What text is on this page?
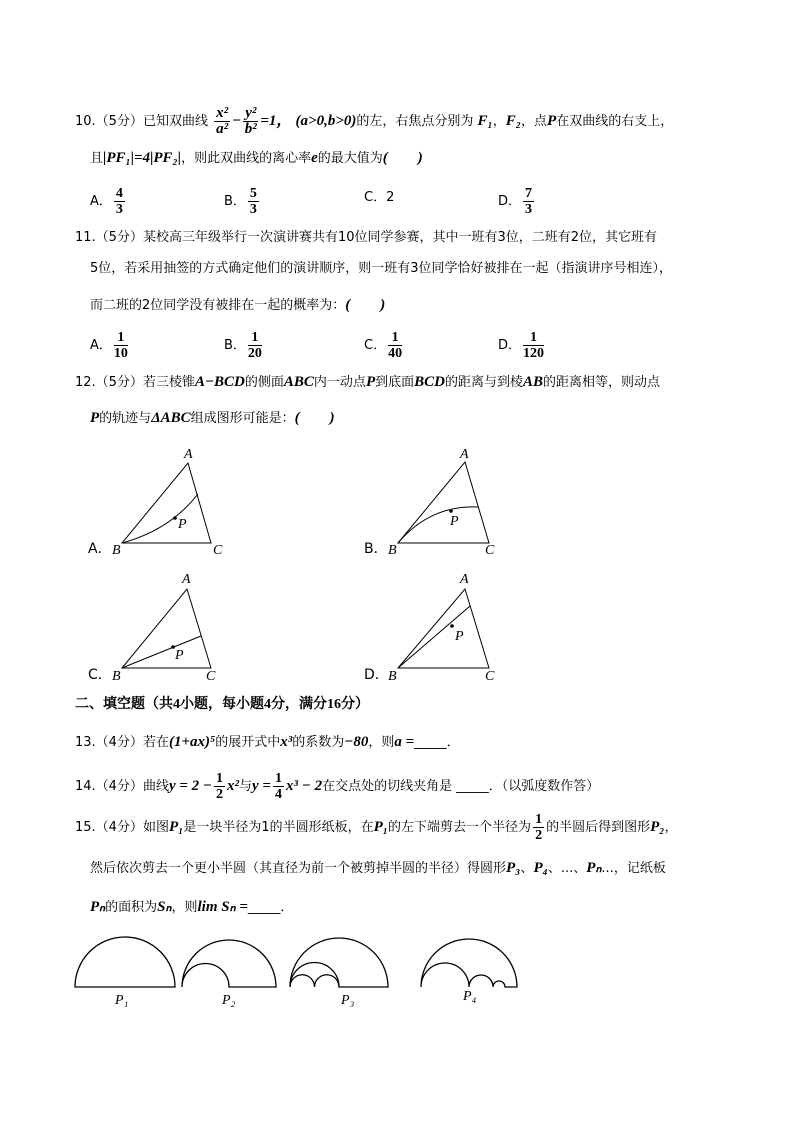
10.（5分）已知双曲线 $\frac{\text{x²}}{\text{a²}} - \frac{\text{y²}}{\text{b²}} =1$， (a>0,b>0)的左，右焦点分别为 F₁，F₂，点P在双曲线的右支上，
且|PF₁|=4|PF₂|，则此双曲线的离心率e的最大值为(　　)
A． $\frac{4}{3}$	B． $\frac{5}{3}$	C．2	D． $\frac{7}{3}$
11.（5分）某校高三年级举行一次演讲赛共有10位同学参赛，其中一班有3位，二班有2位，其它班有
5位，若采用抽签的方式确定他们的演讲顺序，则一班有3位同学恰好被排在一起（指演讲序号相连），
而二班的2位同学没有被排在一起的概率为：(　　)
A． $\frac{1}{10}$	B． $\frac{1}{20}$	C． $\frac{1}{40}$	D． $\frac{1}{120}$
12.（5分）若三棱锥A−BCD的侧面ABC内一动点P到底面BCD的距离与到棱AB的距离相等，则动点
P的轨迹与ΔABC组成图形可能是：(　　)
A．
A
B	C
P
B．
A
B	C
P
C．
A
B	C
P
D．
A
B	C
P
P₁	P₂	P₃	P₄
二、填空题（共4小题，每小题4分，满分16分）
13.（4分）若在(1+ax)⁵的展开式中x³的系数为−80，则a =_____．
14.（4分）曲线$y = 2 - \frac{1}{2} x^2$与$y = \frac{1}{4} x^3 - 2$在交点处的切线夹角是 _____．（以弧度数作答）
15.（4分）如图P₁是一块半径为1的半圆形纸板，在P₁的左下端剪去一个半径为 $\frac{1}{2}$ 的半圆后得到图形P₂，
然后依次剪去一个更小半圆（其直径为前一个被剪掉半圆的半径）得圆形P₃、P₄、...、Pₙ...，记纸板
Pₙ的面积为Sₙ，则lim Sₙ =_____．
